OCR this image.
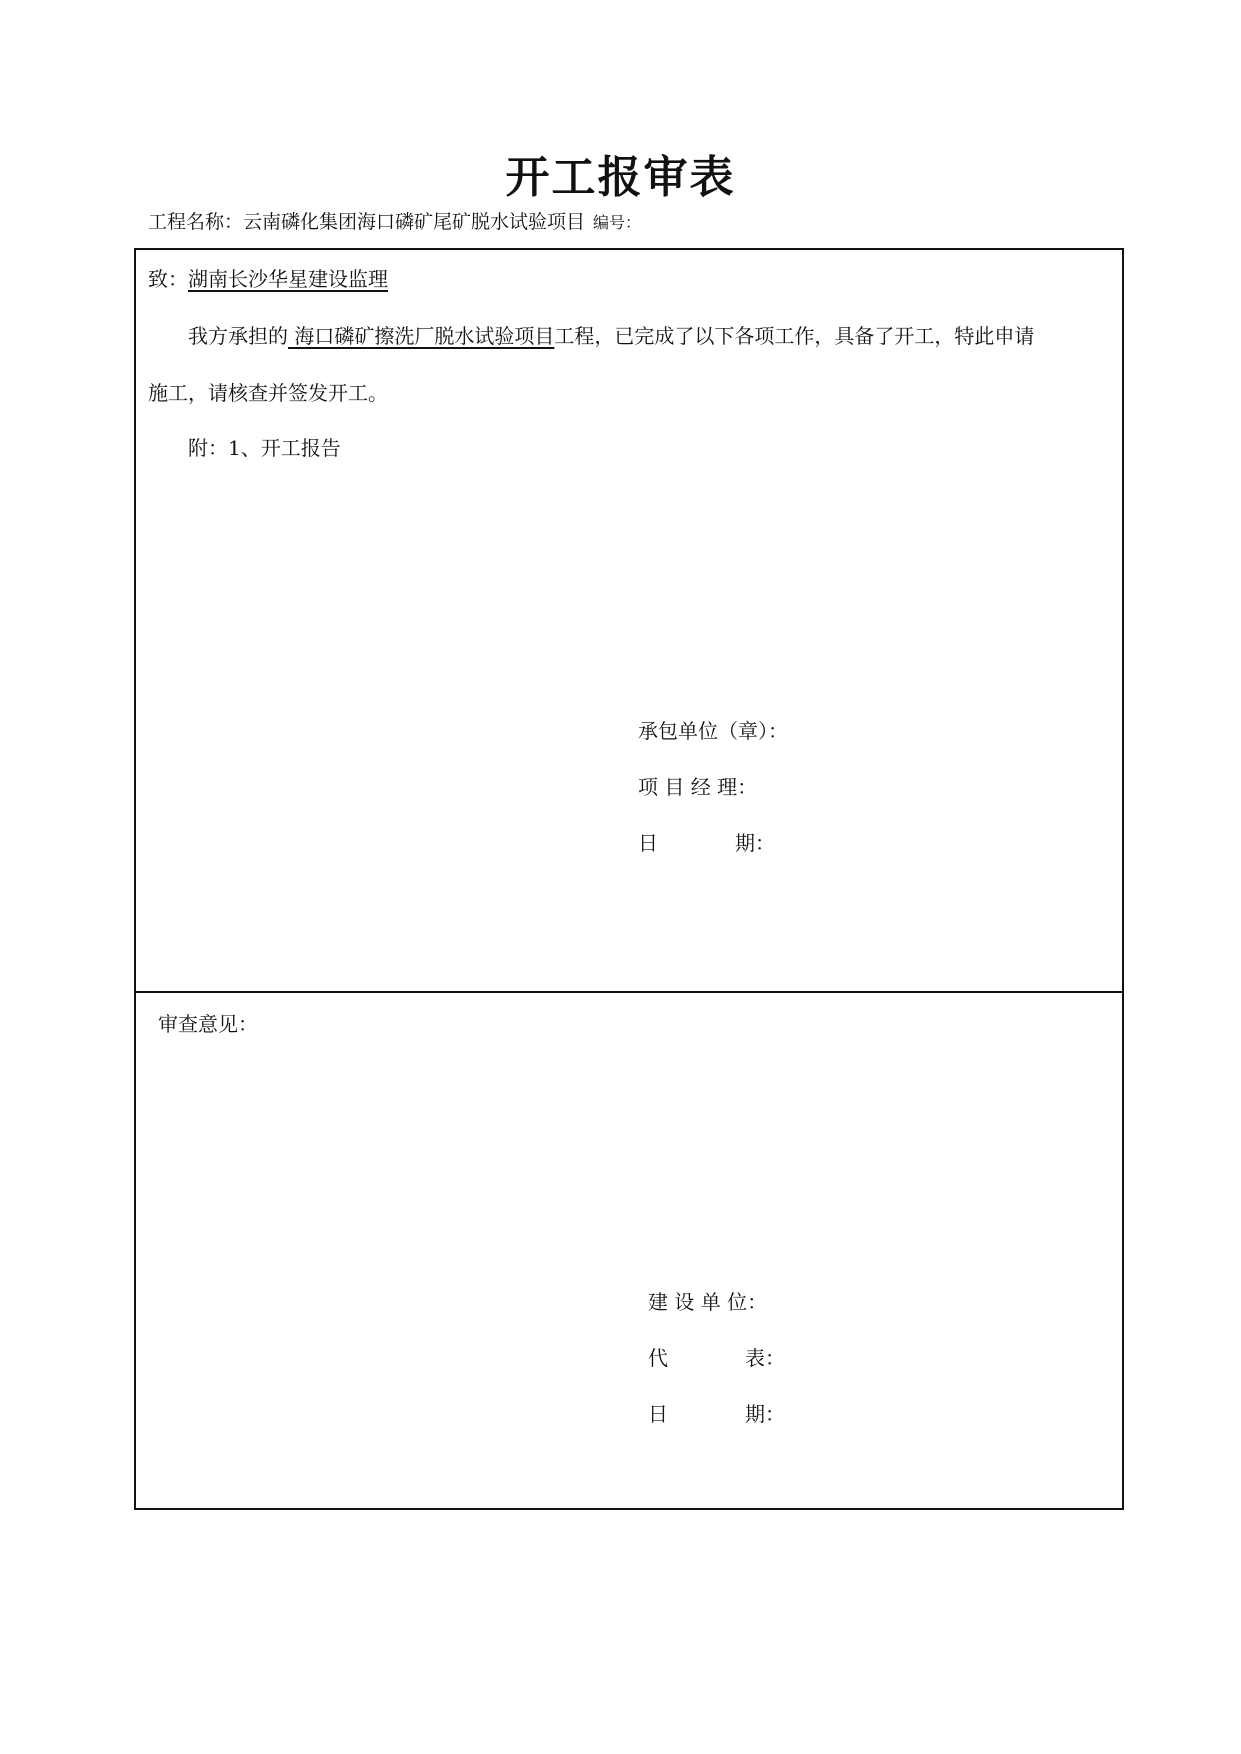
开工报审表
工程名称：云南磷化集团海口磷矿尾矿脱水试验项目 编号：
致：湖南长沙华星建设监理
我方承担的 海口磷矿擦洗厂脱水试验项目工程，已完成了以下各项工作，具备了开工，特此申请
施工，请核查并签发开工。
附：1、开工报告
承包单位（章）：
项 目 经 理：
日	期：
审查意见：
建 设 单 位：
代	表：
日	期：
